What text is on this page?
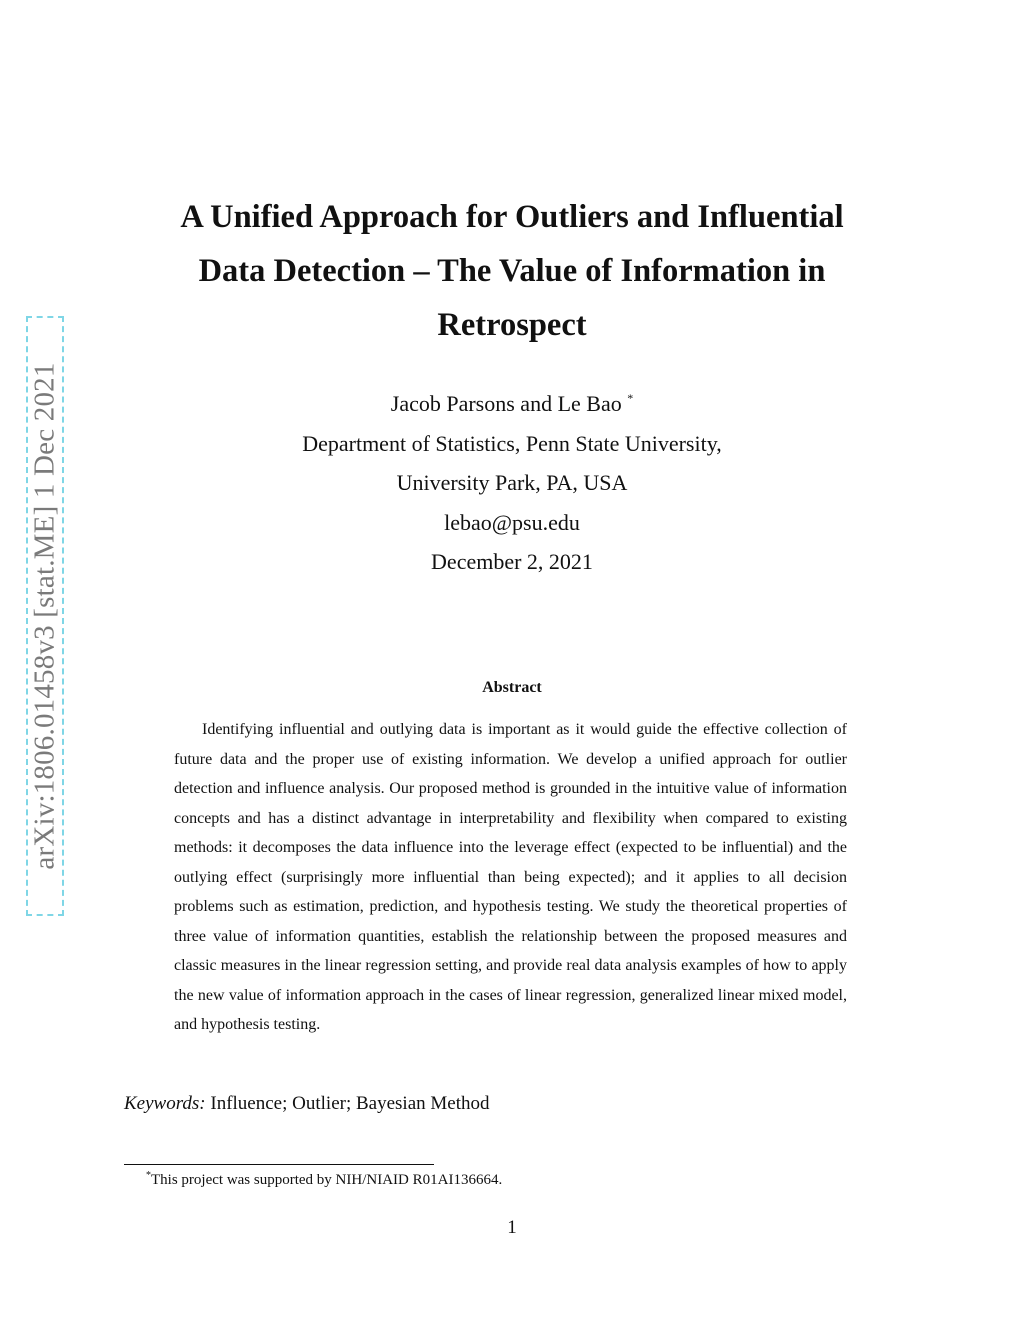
arXiv:1806.01458v3 [stat.ME] 1 Dec 2021
A Unified Approach for Outliers and Influential
Data Detection – The Value of Information in
Retrospect
Jacob Parsons and Le Bao *
Department of Statistics, Penn State University,
University Park, PA, USA
lebao@psu.edu
December 2, 2021
Abstract

Identifying influential and outlying data is important as it would guide the effective collection of future data and the proper use of existing information. We develop a unified approach for outlier detection and influence analysis. Our proposed method is grounded in the intuitive value of information concepts and has a distinct advantage in interpretability and flexibility when compared to existing methods: it decomposes the data influence into the leverage effect (expected to be influential) and the outlying effect (surprisingly more influential than being expected); and it applies to all decision problems such as estimation, prediction, and hypothesis testing. We study the theoretical properties of three value of information quantities, establish the relationship between the proposed measures and classic measures in the linear regression setting, and provide real data analysis examples of how to apply the new value of information approach in the cases of linear regression, generalized linear mixed model, and hypothesis testing.

Keywords: Influence; Outlier; Bayesian Method
*This project was supported by NIH/NIAID R01AI136664.
1
